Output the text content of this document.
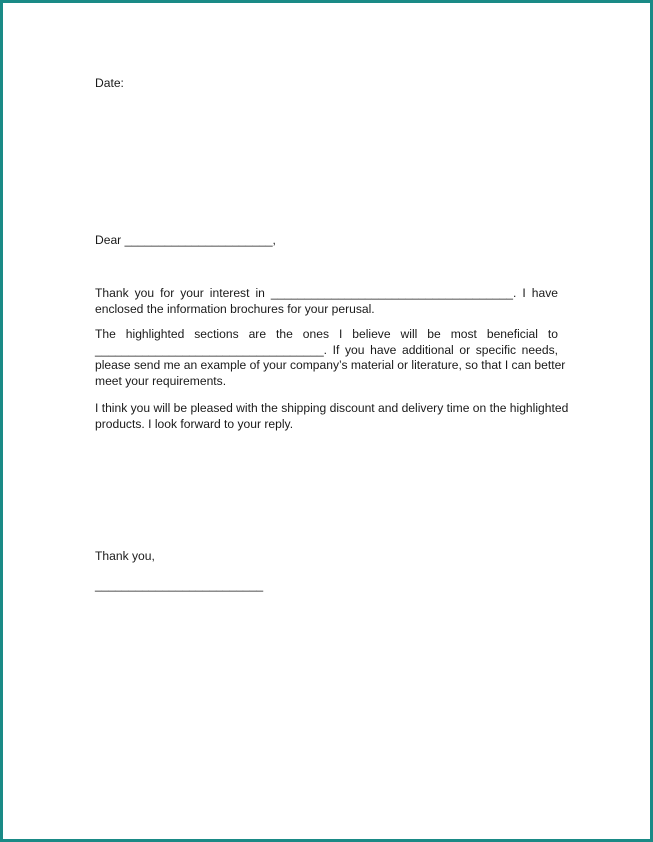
Date:

Dear ______________________,

Thank you for your interest in ____________________________________. I have
enclosed the information brochures for your perusal.
The highlighted sections are the ones I believe will be most beneficial to
__________________________________. If you have additional or specific needs,
please send me an example of your company’s material or literature, so that I can better
meet your requirements.
I think you will be pleased with the shipping discount and delivery time on the highlighted
products. I look forward to your reply.

Thank you,

_________________________
